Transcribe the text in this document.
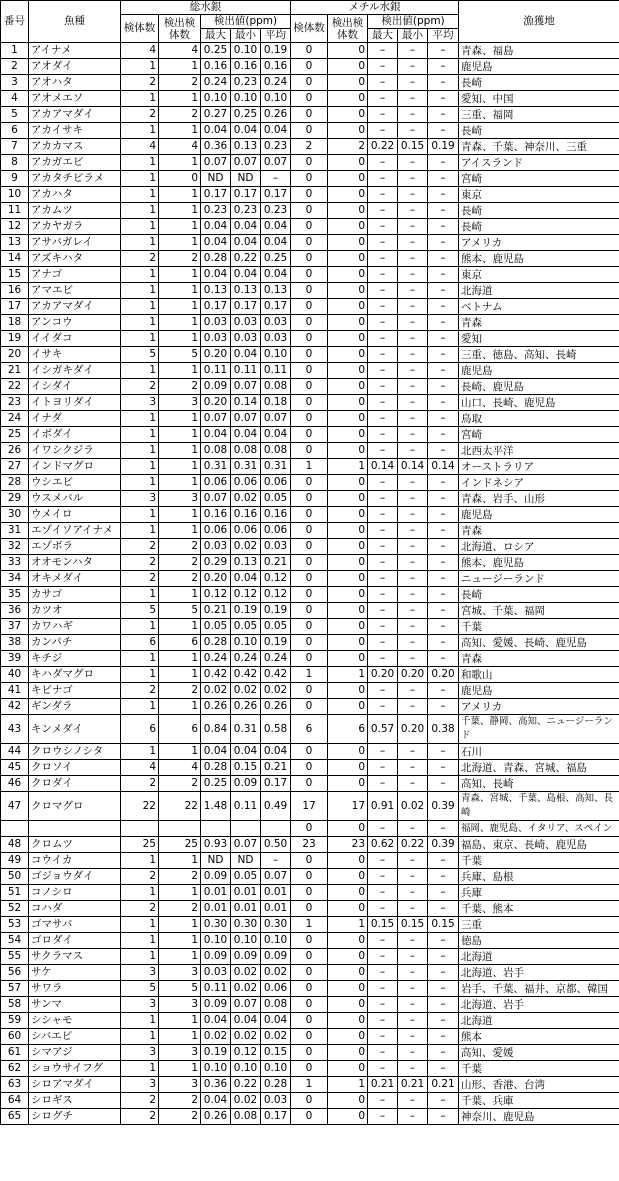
番号	魚種	総水銀					メチル水銀					漁獲地
		検体数	検出検体数	検出値(ppm)			検体数	検出検体数	検出値(ppm)			
				最大	最小	平均			最大	最小	平均	
1	アイナメ	4	4	0.25	0.10	0.19	0	0	–	–	–	青森、福島
2	アオダイ	1	1	0.16	0.16	0.16	0	0	–	–	–	鹿児島
3	アオハタ	2	2	0.24	0.23	0.24	0	0	–	–	–	長崎
4	アオメエソ	1	1	0.10	0.10	0.10	0	0	–	–	–	愛知、中国
5	アカアマダイ	2	2	0.27	0.25	0.26	0	0	–	–	–	三重、福岡
6	アカイサキ	1	1	0.04	0.04	0.04	0	0	–	–	–	長崎
7	アカカマス	4	4	0.36	0.13	0.23	2	2	0.22	0.15	0.19	青森、千葉、神奈川、三重
8	アカガエビ	1	1	0.07	0.07	0.07	0	0	–	–	–	アイスランド
9	アカタチビラメ	1	0	ND	ND	–	0	0	–	–	–	宮崎
10	アカハタ	1	1	0.17	0.17	0.17	0	0	–	–	–	東京
11	アカムツ	1	1	0.23	0.23	0.23	0	0	–	–	–	長崎
12	アカヤガラ	1	1	0.04	0.04	0.04	0	0	–	–	–	長崎
13	アサバガレイ	1	1	0.04	0.04	0.04	0	0	–	–	–	アメリカ
14	アズキハタ	2	2	0.28	0.22	0.25	0	0	–	–	–	熊本、鹿児島
15	アナゴ	1	1	0.04	0.04	0.04	0	0	–	–	–	東京
16	アマエビ	1	1	0.13	0.13	0.13	0	0	–	–	–	北海道
17	アカアマダイ	1	1	0.17	0.17	0.17	0	0	–	–	–	ベトナム
18	アンコウ	1	1	0.03	0.03	0.03	0	0	–	–	–	青森
19	イイダコ	1	1	0.03	0.03	0.03	0	0	–	–	–	愛知
20	イサキ	5	5	0.20	0.04	0.10	0	0	–	–	–	三重、徳島、高知、長崎
21	イシガキダイ	1	1	0.11	0.11	0.11	0	0	–	–	–	鹿児島
22	イシダイ	2	2	0.09	0.07	0.08	0	0	–	–	–	長崎、鹿児島
23	イトヨリダイ	3	3	0.20	0.14	0.18	0	0	–	–	–	山口、長崎、鹿児島
24	イナダ	1	1	0.07	0.07	0.07	0	0	–	–	–	鳥取
25	イボダイ	1	1	0.04	0.04	0.04	0	0	–	–	–	宮崎
26	イワシクジラ	1	1	0.08	0.08	0.08	0	0	–	–	–	北西太平洋
27	インドマグロ	1	1	0.31	0.31	0.31	1	1	0.14	0.14	0.14	オーストラリア
28	ウシエビ	1	1	0.06	0.06	0.06	0	0	–	–	–	インドネシア
29	ウスメバル	3	3	0.07	0.02	0.05	0	0	–	–	–	青森、岩手、山形
30	ウメイロ	1	1	0.16	0.16	0.16	0	0	–	–	–	鹿児島
31	エゾイソアイナメ	1	1	0.06	0.06	0.06	0	0	–	–	–	青森
32	エゾボラ	2	2	0.03	0.02	0.03	0	0	–	–	–	北海道、ロシア
33	オオモンハタ	2	2	0.29	0.13	0.21	0	0	–	–	–	熊本、鹿児島
34	オキメダイ	2	2	0.20	0.04	0.12	0	0	–	–	–	ニュージーランド
35	カサゴ	1	1	0.12	0.12	0.12	0	0	–	–	–	長崎
36	カツオ	5	5	0.21	0.19	0.19	0	0	–	–	–	宮城、千葉、福岡
37	カワハギ	1	1	0.05	0.05	0.05	0	0	–	–	–	千葉
38	カンパチ	6	6	0.28	0.10	0.19	0	0	–	–	–	高知、愛媛、長崎、鹿児島
39	キチジ	1	1	0.24	0.24	0.24	0	0	–	–	–	青森
40	キハダマグロ	1	1	0.42	0.42	0.42	1	1	0.20	0.20	0.20	和歌山
41	キビナゴ	2	2	0.02	0.02	0.02	0	0	–	–	–	鹿児島
42	ギンダラ	1	1	0.26	0.26	0.26	0	0	–	–	–	アメリカ
43	キンメダイ	6	6	0.84	0.31	0.58	6	6	0.57	0.20	0.38	千葉、静岡、高知、ニュージーランド
44	クロウシノシタ	1	1	0.04	0.04	0.04	0	0	–	–	–	石川
45	クロソイ	4	4	0.28	0.15	0.21	0	0	–	–	–	北海道、青森、宮城、福島
46	クロダイ	2	2	0.25	0.09	0.17	0	0	–	–	–	高知、長崎
47	クロマグロ	22	22	1.48	0.11	0.49	17	17	0.91	0.02	0.39	青森、宮城、千葉、島根、高知、長崎
							0	0	–	–	–	福岡、鹿児島、イタリア、スペイン
48	クロムツ	25	25	0.93	0.07	0.50	23	23	0.62	0.22	0.39	福島、東京、長崎、鹿児島
49	コウイカ	1	1	ND	ND	–	0	0	–	–	–	千葉
50	ゴジョウダイ	2	2	0.09	0.05	0.07	0	0	–	–	–	兵庫、島根
51	コノシロ	1	1	0.01	0.01	0.01	0	0	–	–	–	兵庫
52	コハダ	2	2	0.01	0.01	0.01	0	0	–	–	–	千葉、熊本
53	ゴマサバ	1	1	0.30	0.30	0.30	1	1	0.15	0.15	0.15	三重
54	ゴロダイ	1	1	0.10	0.10	0.10	0	0	–	–	–	徳島
55	サクラマス	1	1	0.09	0.09	0.09	0	0	–	–	–	北海道
56	サケ	3	3	0.03	0.02	0.02	0	0	–	–	–	北海道、岩手
57	サワラ	5	5	0.11	0.02	0.06	0	0	–	–	–	岩手、千葉、福井、京都、韓国
58	サンマ	3	3	0.09	0.07	0.08	0	0	–	–	–	北海道、岩手
59	シシャモ	1	1	0.04	0.04	0.04	0	0	–	–	–	北海道
60	シバエビ	1	1	0.02	0.02	0.02	0	0	–	–	–	熊本
61	シマアジ	3	3	0.19	0.12	0.15	0	0	–	–	–	高知、愛媛
62	ショウサイフグ	1	1	0.10	0.10	0.10	0	0	–	–	–	千葉
63	シロアマダイ	3	3	0.36	0.22	0.28	1	1	0.21	0.21	0.21	山形、香港、台湾
64	シロギス	2	2	0.04	0.02	0.03	0	0	–	–	–	千葉、兵庫
65	シログチ	2	2	0.26	0.08	0.17	0	0	–	–	–	神奈川、鹿児島
